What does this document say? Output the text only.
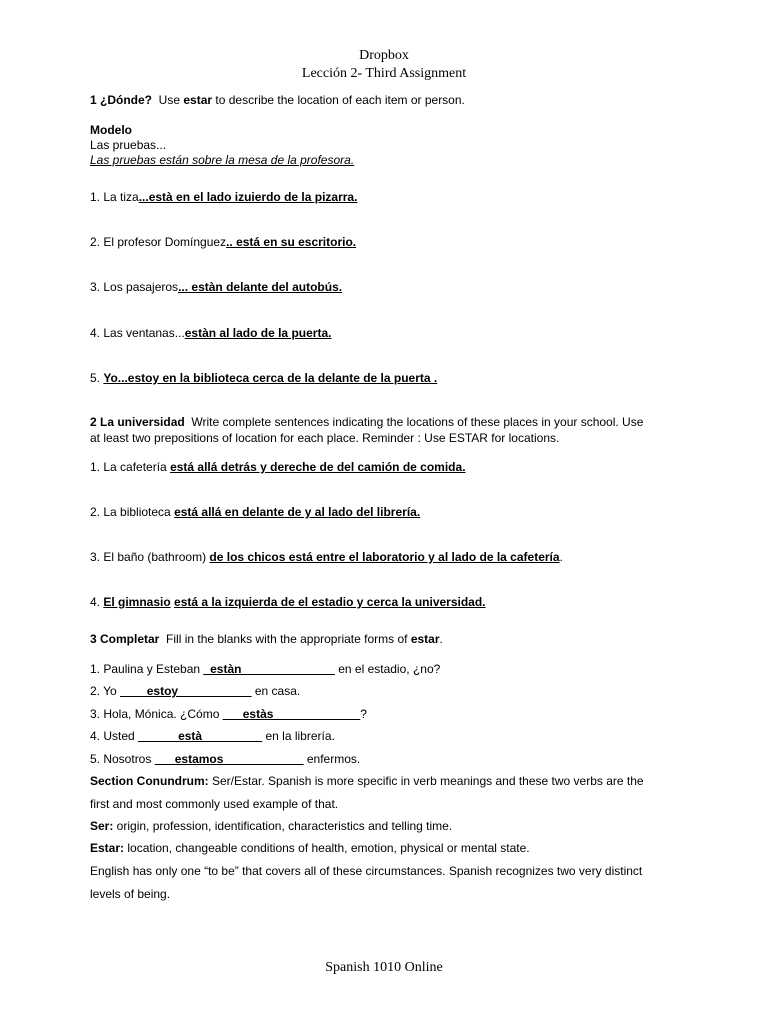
Dropbox
Lección 2- Third Assignment
1 ¿Dónde? Use estar to describe the location of each item or person.
Modelo
Las pruebas...
Las pruebas están sobre la mesa de la profesora.
1. La tiza...està en el lado izuierdo de la pizarra.
2. El profesor Domínguez.. está en su escritorio.
3. Los pasajeros... estàn delante del autobús.
4. Las ventanas...estàn al lado de la puerta.
5. Yo...estoy en la biblioteca cerca de la delante de la puerta .
2 La universidad Write complete sentences indicating the locations of these places in your school. Use
at least two prepositions of location for each place. Reminder : Use ESTAR for locations.
1. La cafetería está allá detrás y dereche de del camión de comida.
2. La biblioteca está allá en delante de y al lado del librería.
3. El baño (bathroom) de los chicos está entre el laboratorio y al lado de la cafetería.
4. El gimnasio está a la izquierda de el estadio y cerca la universidad.
3 Completar Fill in the blanks with the appropriate forms of estar.
1. Paulina y Esteban _estàn______________ en el estadio, ¿no?
2. Yo ____estoy___________ en casa.
3. Hola, Mónica. ¿Cómo ___estàs_____________?
4. Usted ______està_________ en la librería.
5. Nosotros ___estamos____________ enfermos.
Section Conundrum: Ser/Estar. Spanish is more specific in verb meanings and these two verbs are the
first and most commonly used example of that.
Ser: origin, profession, identification, characteristics and telling time.
Estar: location, changeable conditions of health, emotion, physical or mental state.
English has only one “to be” that covers all of these circumstances. Spanish recognizes two very distinct
levels of being.
Spanish 1010 Online
